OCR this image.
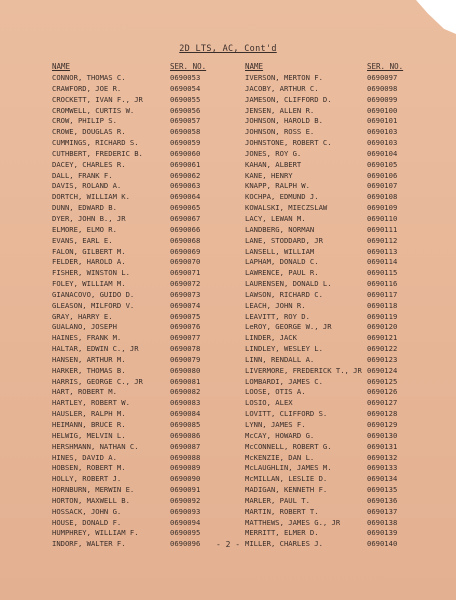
2D LTS, AC, Cont'd
NAME	SER. NO.	NAME	SER. NO.
CONNOR, THOMAS C.	0690053	IVERSON, MERTON F.	0690097
CRAWFORD, JOE R.	0690054	JACOBY, ARTHUR C.	0690098
CROCKETT, IVAN F., JR	0690055	JAMESON, CLIFFORD D.	0690099
CROMWELL, CURTIS W.	0690056	JENSEN, ALLEN R.	0690100
CROW, PHILIP S.	0690057	JOHNSON, HAROLD B.	0690101
CROWE, DOUGLAS R.	0690058	JOHNSON, ROSS E.	0690103
CUMMINGS, RICHARD S.	0690059	JOHNSTONE, ROBERT C.	0690103
CUTHBERT, FREDERIC B.	0690060	JONES, ROY G.	0690104
DACEY, CHARLES R.	0690061	KAHAN, ALBERT	0690105
DALL, FRANK F.	0690062	KANE, HENRY	0690106
DAVIS, ROLAND A.	0690063	KNAPP, RALPH W.	0690107
DORTCH, WILLIAM K.	0690064	KOCHPA, EDMUND J.	0690108
DUNN, EDWARD B.	0690065	KOWALSKI, MIECZSLAW	0690109
DYER, JOHN B., JR	0690067	LACY, LEWAN M.	0690110
ELMORE, ELMO R.	0690066	LANDBERG, NORMAN	0690111
EVANS, EARL E.	0690068	LANE, STODDARD, JR	0690112
FALON, GILBERT M.	0690069	LANSELL, WILLIAM	0690113
FELDER, HAROLD A.	0690070	LAPHAM, DONALD C.	0690114
FISHER, WINSTON L.	0690071	LAWRENCE, PAUL R.	0690115
FOLEY, WILLIAM M.	0690072	LAURENSEN, DONALD L.	0690116
GIANACOVO, GUIDO D.	0690073	LAWSON, RICHARD C.	0690117
GLEASON, MILFORD V.	0690074	LEACH, JOHN R.	0690118
GRAY, HARRY E.	0690075	LEAVITT, ROY D.	0690119
GUALANO, JOSEPH	0690076	LeROY, GEORGE W., JR	0690120
HAINES, FRANK M.	0690077	LINDER, JACK	0690121
HALTAR, EDWIN C., JR	0690078	LINDLEY, WESLEY L.	0690122
HANSEN, ARTHUR M.	0690079	LINN, RENDALL A.	0690123
HARKER, THOMAS B.	0690080	LIVERMORE, FREDERICK T., JR 0690124
HARRIS, GEORGE C., JR	0690081	LOMBARDI, JAMES C.	0690125
HART, ROBERT M.	0690082	LOOSE, OTIS A.	0690126
HARTLEY, ROBERT W.	0690083	LOSIO, ALEX	0690127
HAUSLER, RALPH M.	0690084	LOVITT, CLIFFORD S.	0690128
HEIMANN, BRUCE R.	0690085	LYNN, JAMES F.	0690129
HELWIG, MELVIN L.	0690086	McCAY, HOWARD G.	0690130
HERSHMANN, NATHAN C.	0690087	McCONNELL, ROBERT G.	0690131
HINES, DAVID A.	0690088	McKENZIE, DAN L.	0690132
HOBSEN, ROBERT M.	0690089	McLAUGHLIN, JAMES M.	0690133
HOLLY, ROBERT J.	0690090	McMILLAN, LESLIE D.	0690134
HORNBURN, MERWIN E.	0690091	MADIGAN, KENNETH F.	0690135
HORTON, MAXWELL B.	0690092	MARLER, PAUL T.	0690136
HOSSACK, JOHN G.	0690093	MARTIN, ROBERT T.	0690137
HOUSE, DONALD F.	0690094	MATTHEWS, JAMES G., JR	0690138
HUMPHREY, WILLIAM F.	0690095	MERRITT, ELMER D.	0690139
INDORF, WALTER F.	0690096	MILLER, CHARLES J.	0690140
- 2 -
